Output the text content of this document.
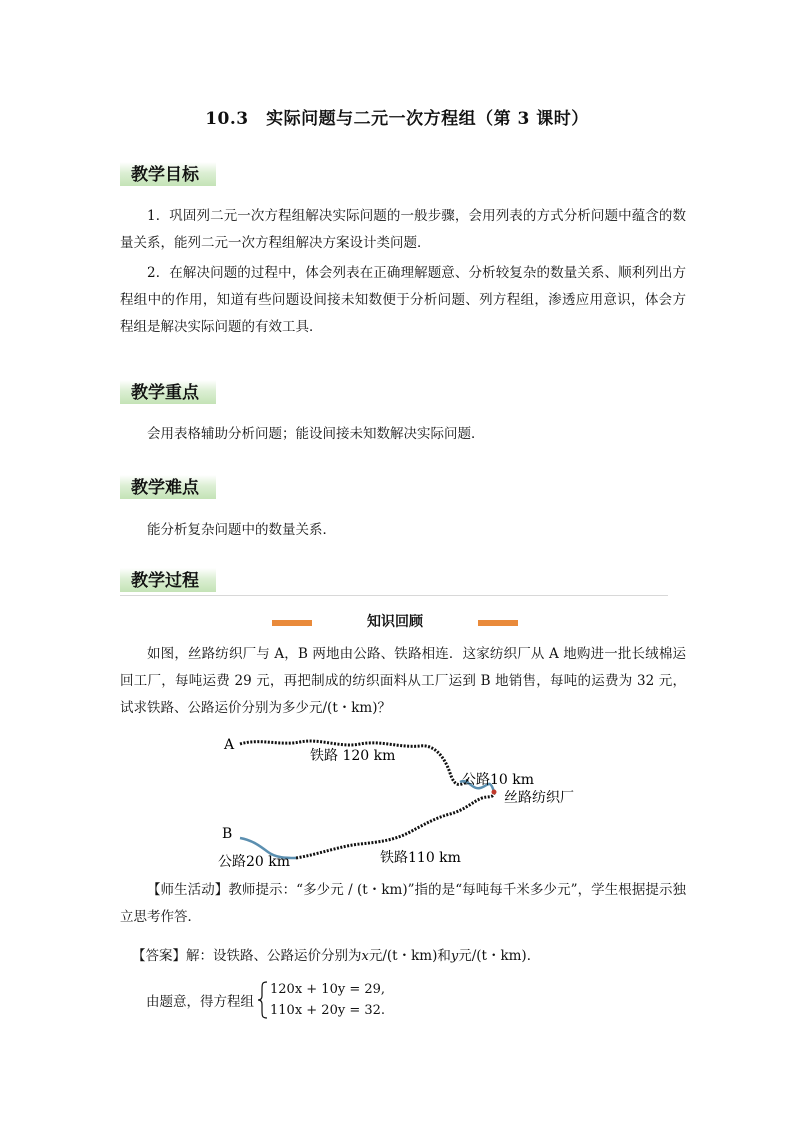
10.3　实际问题与二元一次方程组（第 3 课时）
教学目标
1．巩固列二元一次方程组解决实际问题的一般步骤，会用列表的方式分析问题中蕴含的数量关系，能列二元一次方程组解决方案设计类问题．
2．在解决问题的过程中，体会列表在正确理解题意、分析较复杂的数量关系、顺利列出方程组中的作用，知道有些问题设间接未知数便于分析问题、列方程组，渗透应用意识，体会方程组是解决实际问题的有效工具．
教学重点
会用表格辅助分析问题；能设间接未知数解决实际问题．
教学难点
能分析复杂问题中的数量关系．
教学过程
知识回顾
如图，丝路纺织厂与 A，B 两地由公路、铁路相连．这家纺织厂从 A 地购进一批长绒棉运回工厂，每吨运费 29 元，再把制成的纺织面料从工厂运到 B 地销售，每吨的运费为 32 元，试求铁路、公路运价分别为多少元/(t・km)？
A
B
铁路 120 km
公路10 km
丝路纺织厂
公路20 km	铁路110 km
【师生活动】教师提示：“多少元 / (t・km)”指的是“每吨每千米多少元”，学生根据提示独立思考作答．
【答案】解：设铁路、公路运价分别为x元/(t・km)和y元/(t・km)．
由题意，得方程组
120x + 10y = 29,
110x + 20y = 32.
